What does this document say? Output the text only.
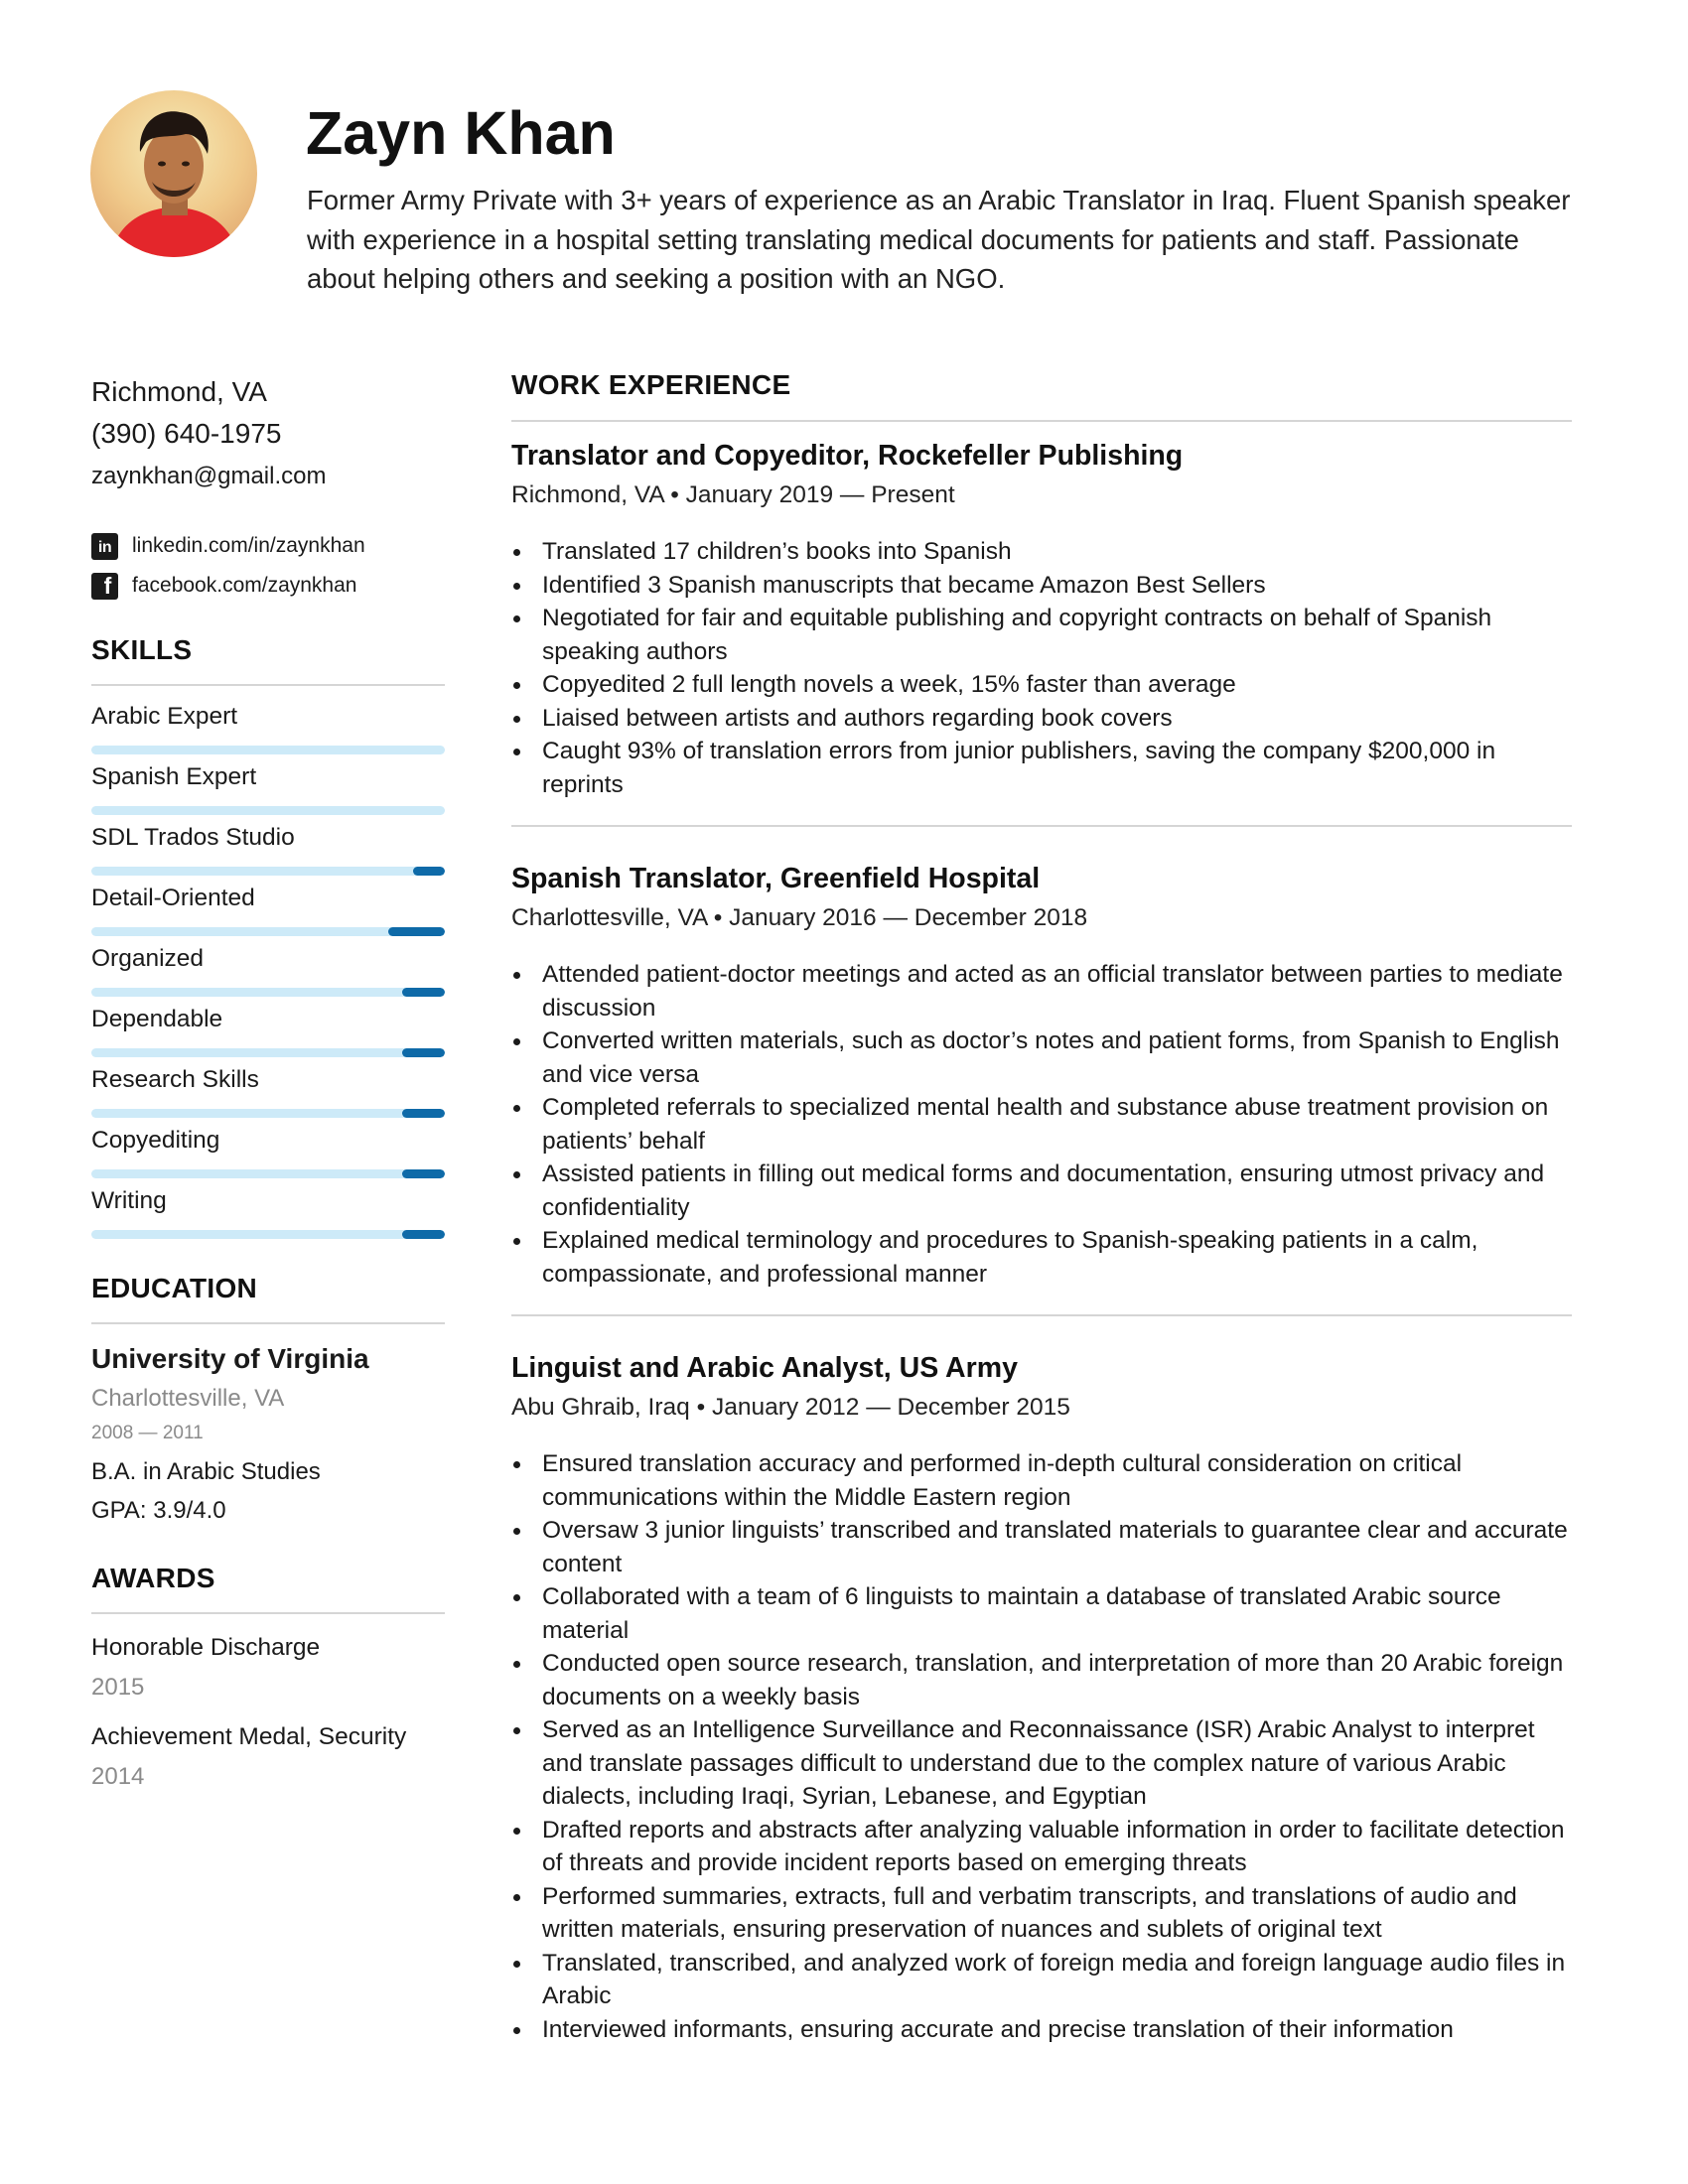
Zayn Khan

Former Army Private with 3+ years of experience as an Arabic Translator in Iraq. Fluent Spanish speaker with experience in a hospital setting translating medical documents for patients and staff. Passionate about helping others and seeking a position with an NGO.

Richmond, VA
(390) 640-1975
zaynkhan@gmail.com
in linkedin.com/in/zaynkhan
f facebook.com/zaynkhan
SKILLS
Arabic Expert
Spanish Expert
SDL Trados Studio
Detail-Oriented
Organized
Dependable
Research Skills
Copyediting
Writing
EDUCATION
University of Virginia
Charlottesville, VA
2008 — 2011
B.A. in Arabic Studies
GPA: 3.9/4.0
AWARDS
Honorable Discharge
2015
Achievement Medal, Security
2014
WORK EXPERIENCE
Translator and Copyeditor, Rockefeller Publishing
Richmond, VA • January 2019 — Present
Translated 17 children’s books into Spanish
Identified 3 Spanish manuscripts that became Amazon Best Sellers
Negotiated for fair and equitable publishing and copyright contracts on behalf of Spanish speaking authors
Copyedited 2 full length novels a week, 15% faster than average
Liaised between artists and authors regarding book covers
Caught 93% of translation errors from junior publishers, saving the company $200,000 in reprints
Spanish Translator, Greenfield Hospital
Charlottesville, VA • January 2016 — December 2018
Attended patient-doctor meetings and acted as an official translator between parties to mediate discussion
Converted written materials, such as doctor’s notes and patient forms, from Spanish to English and vice versa
Completed referrals to specialized mental health and substance abuse treatment provision on patients’ behalf
Assisted patients in filling out medical forms and documentation, ensuring utmost privacy and confidentiality
Explained medical terminology and procedures to Spanish-speaking patients in a calm, compassionate, and professional manner
Linguist and Arabic Analyst, US Army
Abu Ghraib, Iraq • January 2012 — December 2015
Ensured translation accuracy and performed in-depth cultural consideration on critical communications within the Middle Eastern region
Oversaw 3 junior linguists’ transcribed and translated materials to guarantee clear and accurate content
Collaborated with a team of 6 linguists to maintain a database of translated Arabic source material
Conducted open source research, translation, and interpretation of more than 20 Arabic foreign documents on a weekly basis
Served as an Intelligence Surveillance and Reconnaissance (ISR) Arabic Analyst to interpret and translate passages difficult to understand due to the complex nature of various Arabic dialects, including Iraqi, Syrian, Lebanese, and Egyptian
Drafted reports and abstracts after analyzing valuable information in order to facilitate detection of threats and provide incident reports based on emerging threats
Performed summaries, extracts, full and verbatim transcripts, and translations of audio and written materials, ensuring preservation of nuances and sublets of original text
Translated, transcribed, and analyzed work of foreign media and foreign language audio files in Arabic
Interviewed informants, ensuring accurate and precise translation of their information
